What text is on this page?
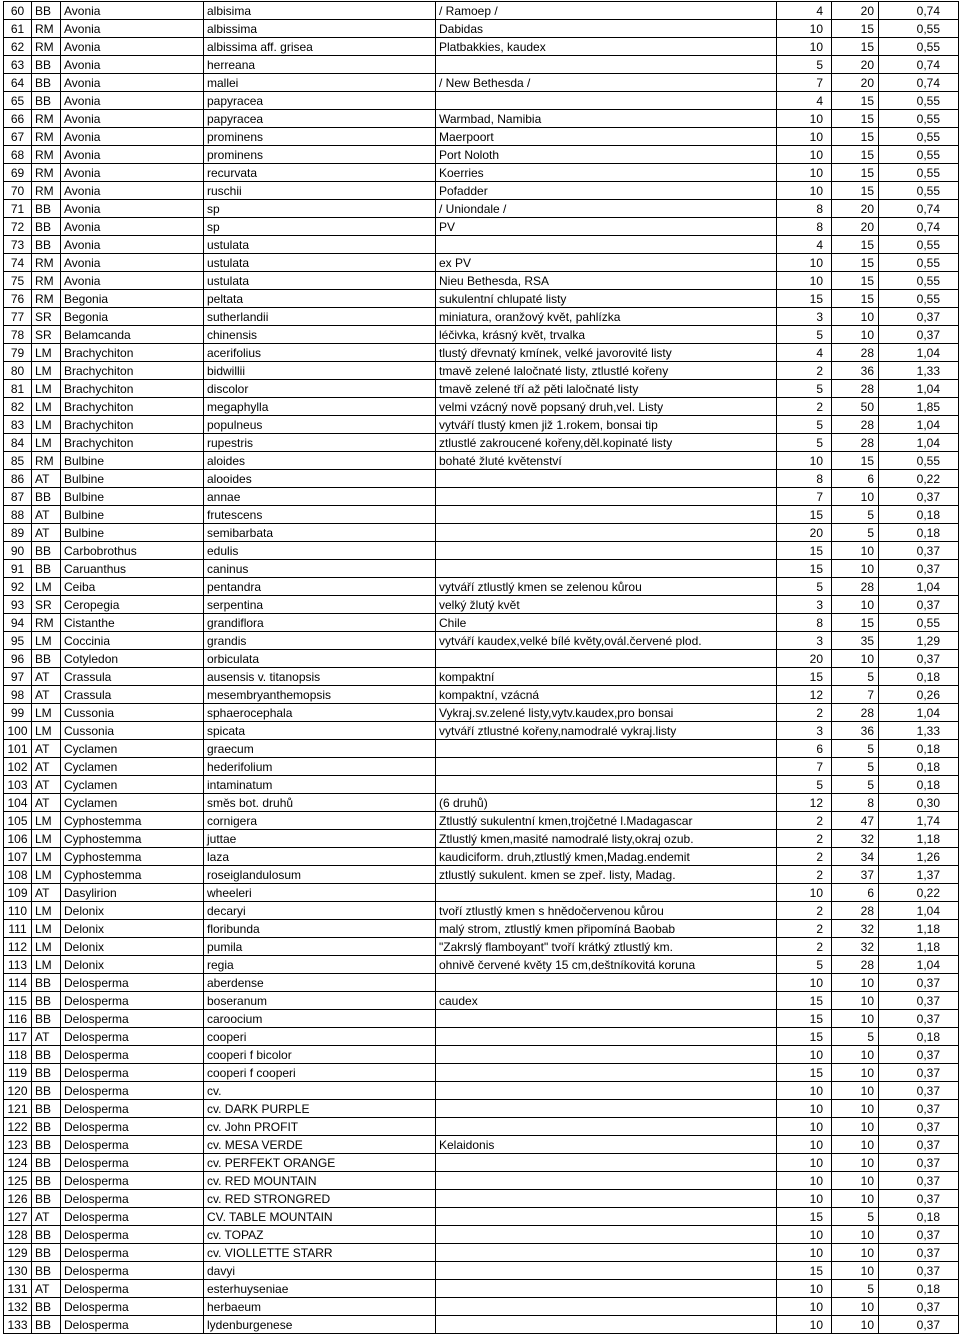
60	BB	Avonia	albisima	/ Ramoep /	4	20	0,74
61	RM	Avonia	albissima	Dabidas	10	15	0,55
62	RM	Avonia	albissima aff. grisea	Platbakkies, kaudex	10	15	0,55
63	BB	Avonia	herreana		5	20	0,74
64	BB	Avonia	mallei	/ New Bethesda /	7	20	0,74
65	BB	Avonia	papyracea		4	15	0,55
66	RM	Avonia	papyracea	Warmbad, Namibia	10	15	0,55
67	RM	Avonia	prominens	Maerpoort	10	15	0,55
68	RM	Avonia	prominens	Port Noloth	10	15	0,55
69	RM	Avonia	recurvata	Koerries	10	15	0,55
70	RM	Avonia	ruschii	Pofadder	10	15	0,55
71	BB	Avonia	sp	/ Uniondale /	8	20	0,74
72	BB	Avonia	sp	PV	8	20	0,74
73	BB	Avonia	ustulata		4	15	0,55
74	RM	Avonia	ustulata	ex PV	10	15	0,55
75	RM	Avonia	ustulata	Nieu Bethesda, RSA	10	15	0,55
76	RM	Begonia	peltata	sukulentní chlupaté listy	15	15	0,55
77	SR	Begonia	sutherlandii	miniatura, oranžový květ, pahlízka	3	10	0,37
78	SR	Belamcanda	chinensis	léčivka, krásný květ, trvalka	5	10	0,37
79	LM	Brachychiton	acerifolius	tlustý dřevnatý kmínek, velké javorovité listy	4	28	1,04
80	LM	Brachychiton	bidwillii	tmavě zelené laločnaté listy, ztlustlé kořeny	2	36	1,33
81	LM	Brachychiton	discolor	tmavě zelené tří až pěti laločnaté listy	5	28	1,04
82	LM	Brachychiton	megaphylla	velmi vzácný nově popsaný druh,vel. Listy	2	50	1,85
83	LM	Brachychiton	populneus	vytváří tlustý kmen již 1.rokem, bonsai tip	5	28	1,04
84	LM	Brachychiton	rupestris	ztlustlé zakroucené kořeny,děl.kopinaté listy	5	28	1,04
85	RM	Bulbine	aloides	bohaté žluté květenství	10	15	0,55
86	AT	Bulbine	alooides		8	6	0,22
87	BB	Bulbine	annae		7	10	0,37
88	AT	Bulbine	frutescens		15	5	0,18
89	AT	Bulbine	semibarbata		20	5	0,18
90	BB	Carbobrothus	edulis		15	10	0,37
91	BB	Caruanthus	caninus		15	10	0,37
92	LM	Ceiba	pentandra	vytváří ztlustlý kmen se zelenou kůrou	5	28	1,04
93	SR	Ceropegia	serpentina	velký žlutý květ	3	10	0,37
94	RM	Cistanthe	grandiflora	Chile	8	15	0,55
95	LM	Coccinia	grandis	vytváří kaudex,velké bílé květy,ovál.červené plod.	3	35	1,29
96	BB	Cotyledon	orbiculata		20	10	0,37
97	AT	Crassula	ausensis v. titanopsis	kompaktní	15	5	0,18
98	AT	Crassula	mesembryanthemopsis	kompaktní, vzácná	12	7	0,26
99	LM	Cussonia	sphaerocephala	Vykraj.sv.zelené listy,vytv.kaudex,pro bonsai	2	28	1,04
100	LM	Cussonia	spicata	vytváří ztlustné kořeny,namodralé vykraj.listy	3	36	1,33
101	AT	Cyclamen	graecum		6	5	0,18
102	AT	Cyclamen	hederifolium		7	5	0,18
103	AT	Cyclamen	intaminatum		5	5	0,18
104	AT	Cyclamen	směs bot. druhů	(6 druhů)	12	8	0,30
105	LM	Cyphostemma	cornigera	Ztlustlý sukulentní kmen,trojčetné l.Madagascar	2	47	1,74
106	LM	Cyphostemma	juttae	Ztlustlý kmen,masité namodralé listy,okraj ozub.	2	32	1,18
107	LM	Cyphostemma	laza	kaudiciform. druh,ztlustlý kmen,Madag.endemit	2	34	1,26
108	LM	Cyphostemma	roseiglandulosum	ztlustlý sukulent. kmen se zpeř. listy, Madag.	2	37	1,37
109	AT	Dasylirion	wheeleri		10	6	0,22
110	LM	Delonix	decaryi	tvoří ztlustlý kmen s hnědočervenou kůrou	2	28	1,04
111	LM	Delonix	floribunda	malý strom, ztlustlý kmen připomíná Baobab	2	32	1,18
112	LM	Delonix	pumila	"Zakrslý flamboyant" tvoří krátký ztlustlý km.	2	32	1,18
113	LM	Delonix	regia	ohnivě červené květy 15 cm,deštníkovitá koruna	5	28	1,04
114	BB	Delosperma	aberdense		10	10	0,37
115	BB	Delosperma	boseranum	caudex	15	10	0,37
116	BB	Delosperma	caroocium		15	10	0,37
117	AT	Delosperma	cooperi		15	5	0,18
118	BB	Delosperma	cooperi f bicolor		10	10	0,37
119	BB	Delosperma	cooperi f cooperi		15	10	0,37
120	BB	Delosperma	cv.		10	10	0,37
121	BB	Delosperma	cv. DARK PURPLE		10	10	0,37
122	BB	Delosperma	cv. John PROFIT		10	10	0,37
123	BB	Delosperma	cv. MESA VERDE	Kelaidonis	10	10	0,37
124	BB	Delosperma	cv. PERFEKT ORANGE		10	10	0,37
125	BB	Delosperma	cv. RED MOUNTAIN		10	10	0,37
126	BB	Delosperma	cv. RED STRONGRED		10	10	0,37
127	AT	Delosperma	CV. TABLE MOUNTAIN		15	5	0,18
128	BB	Delosperma	cv. TOPAZ		10	10	0,37
129	BB	Delosperma	cv. VIOLLETTE STARR		10	10	0,37
130	BB	Delosperma	davyi		15	10	0,37
131	AT	Delosperma	esterhuyseniae		10	5	0,18
132	BB	Delosperma	herbaeum		10	10	0,37
133	BB	Delosperma	lydenburgenese		10	10	0,37
